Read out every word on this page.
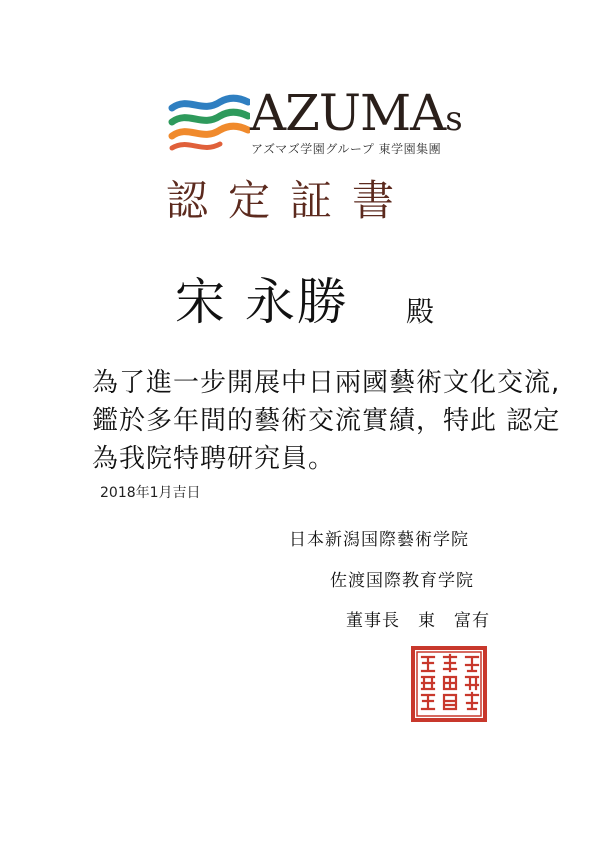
AZUMAs
アズマズ学園グループ 東学園集團
認定証書
宋 永勝 殿
為了進一步開展中日兩國藝術文化交流,
鑑於多年間的藝術交流實績，特此 認定
為我院特聘研究員。
2018年1月吉日
日本新潟国際藝術学院
佐渡国際教育学院
董事長　東　富有
